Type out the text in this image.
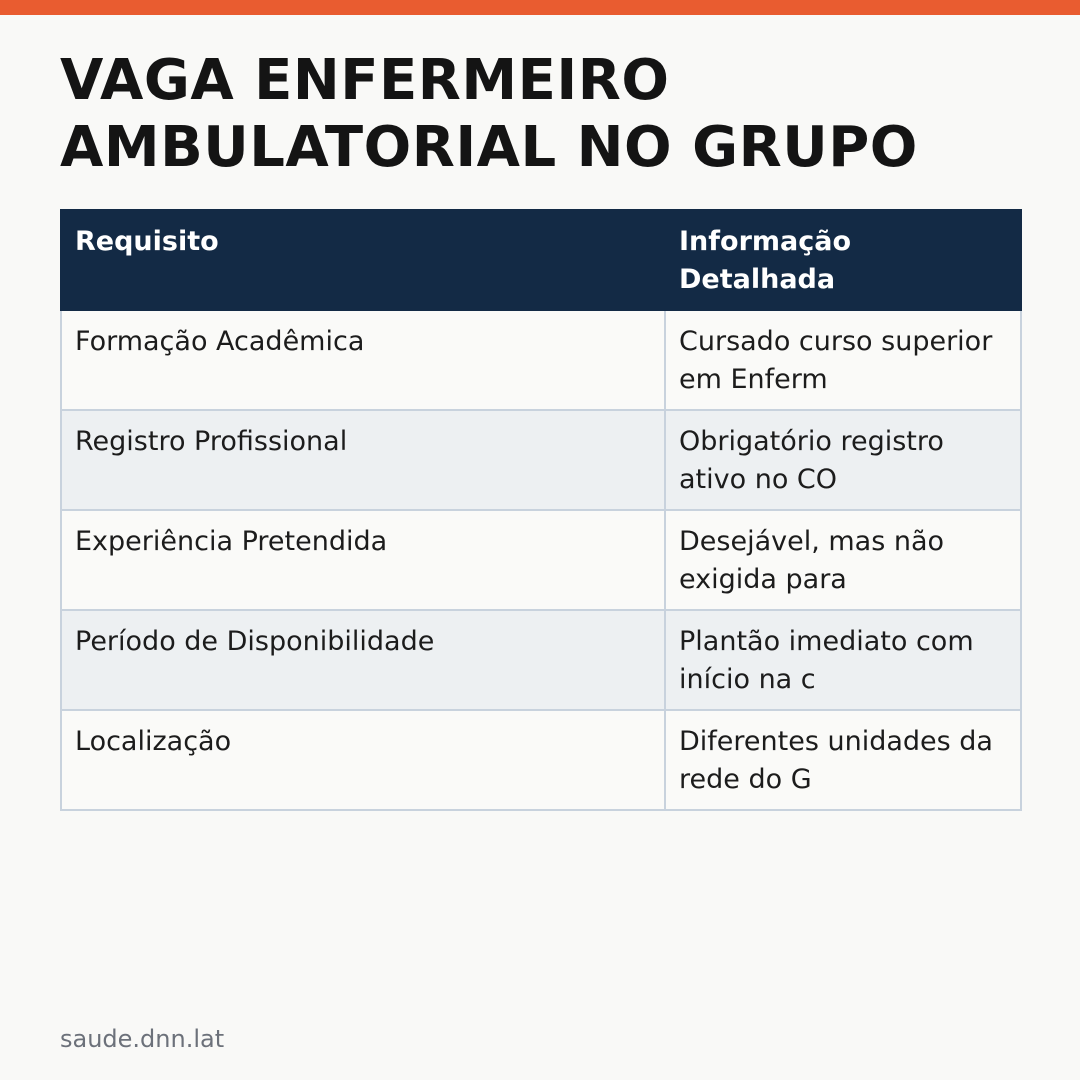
VAGA ENFERMEIRO AMBULATORIAL NO GRUPO
Requisito	Informação Detalhada

Formação Acadêmica	Cursado curso superior em Enferm

Registro Profissional	Obrigatório registro ativo no CO

Experiência Pretendida	Desejável, mas não exigida para

Período de Disponibilidade	Plantão imediato com início na c

Localização	Diferentes unidades da rede do G
saude.dnn.lat
